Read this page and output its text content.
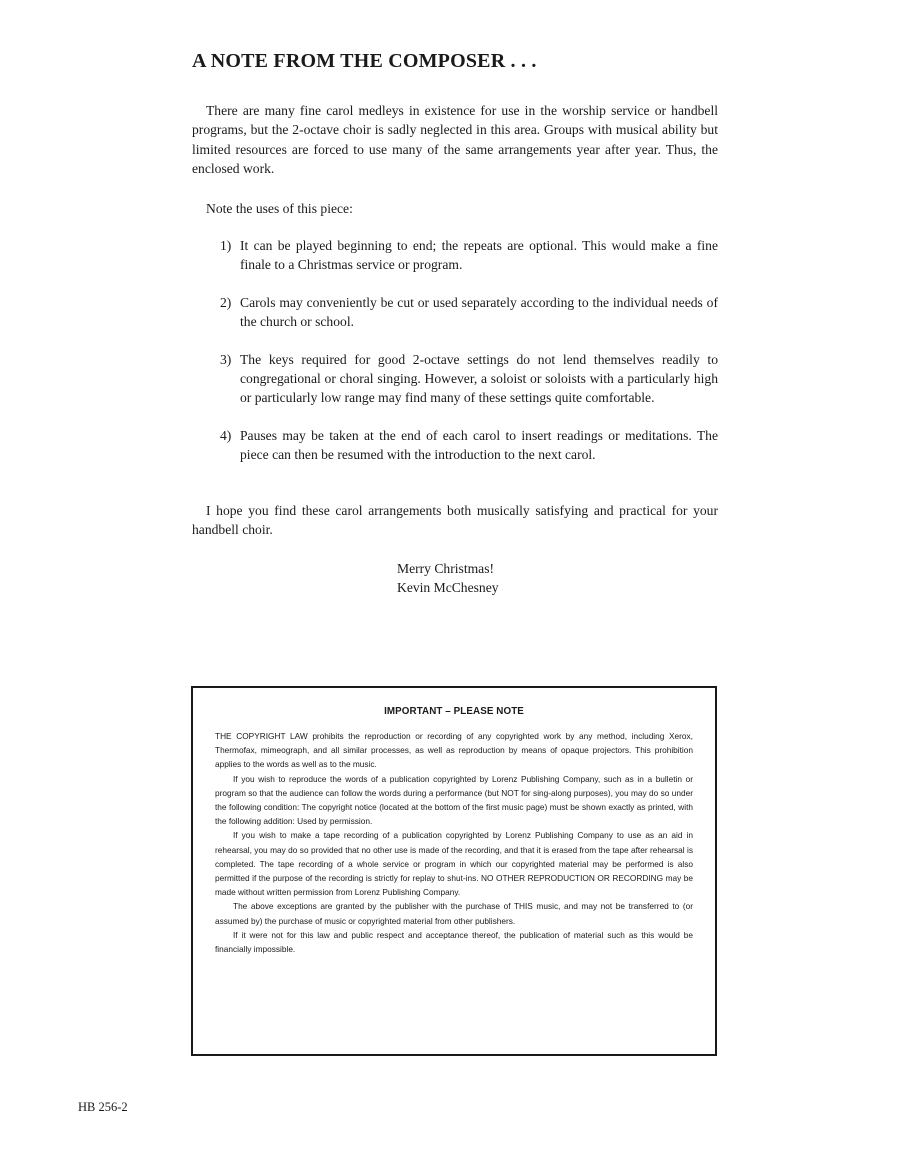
A NOTE FROM THE COMPOSER . . .

There are many fine carol medleys in existence for use in the worship service or handbell programs, but the 2-octave choir is sadly neglected in this area. Groups with musical ability but limited resources are forced to use many of the same arrangements year after year. Thus, the enclosed work.

Note the uses of this piece:

1) It can be played beginning to end; the repeats are optional. This would make a fine finale to a Christmas service or program.
2) Carols may conveniently be cut or used separately according to the individual needs of the church or school.
3) The keys required for good 2-octave settings do not lend themselves readily to congregational or choral singing. However, a soloist or soloists with a particularly high or particularly low range may find many of these settings quite comfortable.
4) Pauses may be taken at the end of each carol to insert readings or meditations. The piece can then be resumed with the introduction to the next carol.

I hope you find these carol arrangements both musically satisfying and practical for your handbell choir.

Merry Christmas!
Kevin McChesney
IMPORTANT – PLEASE NOTE

THE COPYRIGHT LAW prohibits the reproduction or recording of any copyrighted work by any method, including Xerox, Thermofax, mimeograph, and all similar processes, as well as reproduction by means of opaque projectors. This prohibition applies to the words as well as to the music.

If you wish to reproduce the words of a publication copyrighted by Lorenz Publishing Company, such as in a bulletin or program so that the audience can follow the words during a performance (but NOT for sing-along purposes), you may do so under the following condition: The copyright notice (located at the bottom of the first music page) must be shown exactly as printed, with the following addition: Used by permission.

If you wish to make a tape recording of a publication copyrighted by Lorenz Publishing Company to use as an aid in rehearsal, you may do so provided that no other use is made of the recording, and that it is erased from the tape after rehearsal is completed. The tape recording of a whole service or program in which our copyrighted material may be performed is also permitted if the purpose of the recording is strictly for replay to shut-ins. NO OTHER REPRODUCTION OR RECORDING may be made without written permission from Lorenz Publishing Company.

The above exceptions are granted by the publisher with the purchase of THIS music, and may not be transferred to (or assumed by) the purchase of music or copyrighted material from other publishers.

If it were not for this law and public respect and acceptance thereof, the publication of material such as this would be financially impossible.

HB 256-2
